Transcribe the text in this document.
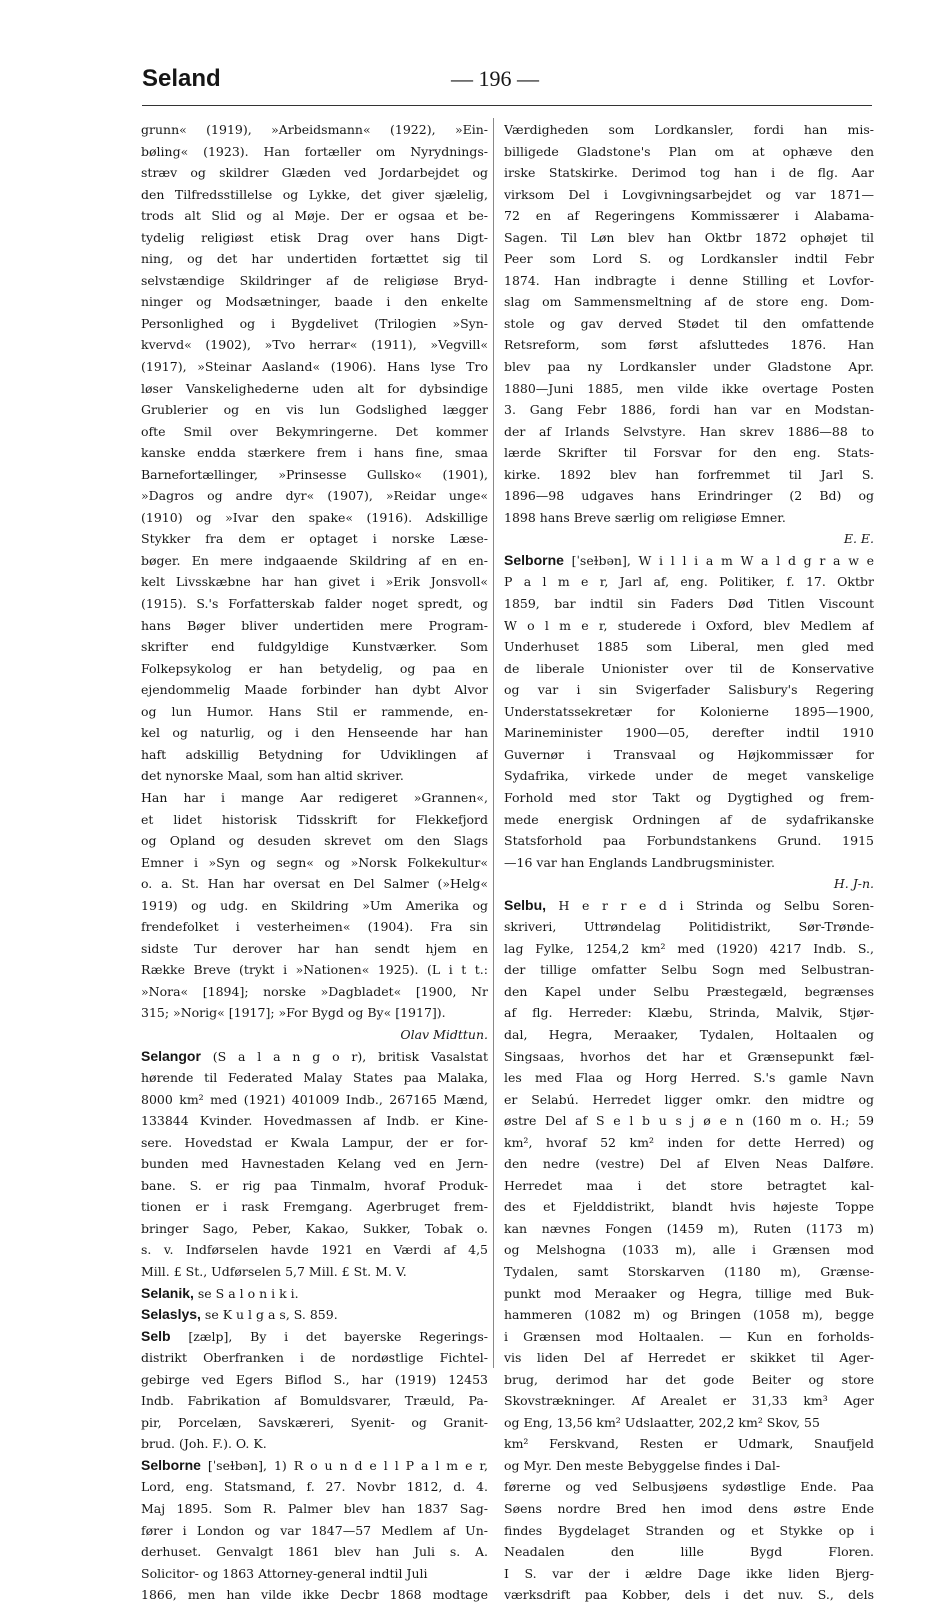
Seland	— 196 —
grunn« (1919), »Arbeidsmann« (1922), »Ein-
bøling« (1923). Han fortæller om Nyrydnings-
stræv og skildrer Glæden ved Jordarbejdet og
den Tilfredsstillelse og Lykke, det giver sjælelig,
trods alt Slid og al Møje. Der er ogsaa et be-
tydelig religiøst etisk Drag over hans Digt-
ning, og det har undertiden fortættet sig til
selvstændige Skildringer af de religiøse Bryd-
ninger og Modsætninger, baade i den enkelte
Personlighed og i Bygdelivet (Trilogien »Syn-
kvervd« (1902), »Tvo herrar« (1911), »Vegvill«
(1917), »Steinar Aasland« (1906). Hans lyse Tro
løser Vanskelighederne uden alt for dybsindige
Grublerier og en vis lun Godslighed lægger
ofte Smil over Bekymringerne. Det kommer
kanske endda stærkere frem i hans fine, smaa
Barnefortællinger, »Prinsesse Gullsko« (1901),
»Dagros og andre dyr« (1907), »Reidar unge«
(1910) og »Ivar den spake« (1916). Adskillige
Stykker fra dem er optaget i norske Læse-
bøger. En mere indgaaende Skildring af en en-
kelt Livsskæbne har han givet i »Erik Jonsvoll«
(1915). S.'s Forfatterskab falder noget spredt, og
hans Bøger bliver undertiden mere Program-
skrifter end fuldgyldige Kunstværker. Som
Folkepsykolog er han betydelig, og paa en
ejendommelig Maade forbinder han dybt Alvor
og lun Humor. Hans Stil er rammende, en-
kel og naturlig, og i den Henseende har han
haft adskillig Betydning for Udviklingen af
det nynorske Maal, som han altid skriver.
Han har i mange Aar redigeret »Grannen«,
et lidet historisk Tidsskrift for Flekkefjord
og Opland og desuden skrevet om den Slags
Emner i »Syn og segn« og »Norsk Folkekultur«
o. a. St. Han har oversat en Del Salmer (»Helg«
1919) og udg. en Skildring »Um Amerika og
frendefolket i vesterheimen« (1904). Fra sin
sidste Tur derover har han sendt hjem en
Række Breve (trykt i »Nationen« 1925). (L i t t.:
»Nora« [1894]; norske »Dagbladet« [1900, Nr
315; »Norig« [1917]; »For Bygd og By« [1917]).
Olav Midttun.
Selangor (S a l a n g o r), britisk Vasalstat
hørende til Federated Malay States paa Malaka,
8000 km² med (1921) 401009 Indb., 267165 Mænd,
133844 Kvinder. Hovedmassen af Indb. er Kine-
sere. Hovedstad er Kwala Lampur, der er for-
bunden med Havnestaden Kelang ved en Jern-
bane. S. er rig paa Tinmalm, hvoraf Produk-
tionen er i rask Fremgang. Agerbruget frem-
bringer Sago, Peber, Kakao, Sukker, Tobak o.
s. v. Indførselen havde 1921 en Værdi af 4,5
Mill. £ St., Udførselen 5,7 Mill. £ St. M. V.
Selanik, se S a l o n i k i.
Selaslys, se K u l g a s, S. 859.
Selb [zælp], By i det bayerske Regerings-
distrikt Oberfranken i de nordøstlige Fichtel-
gebirge ved Egers Biflod S., har (1919) 12453
Indb. Fabrikation af Bomuldsvarer, Træuld, Pa-
pir, Porcelæn, Savskæreri, Syenit- og Granit-
brud. (Joh. F.). O. K.
Selborne [ˈseɫbən], 1) R o u n d e l l P a l m e r,
Lord, eng. Statsmand, f. 27. Novbr 1812, d. 4.
Maj 1895. Som R. Palmer blev han 1837 Sag-
fører i London og var 1847—57 Medlem af Un-
derhuset. Genvalgt 1861 blev han Juli s. A.
Solicitor- og 1863 Attorney-general indtil Juli
1866, men han vilde ikke Decbr 1868 modtage
Værdigheden som Lordkansler, fordi han mis-
billigede Gladstone's Plan om at ophæve den
irske Statskirke. Derimod tog han i de flg. Aar
virksom Del i Lovgivningsarbejdet og var 1871—
72 en af Regeringens Kommissærer i Alabama-
Sagen. Til Løn blev han Oktbr 1872 ophøjet til
Peer som Lord S. og Lordkansler indtil Febr
1874. Han indbragte i denne Stilling et Lovfor-
slag om Sammensmeltning af de store eng. Dom-
stole og gav derved Stødet til den omfattende
Retsreform, som først afsluttedes 1876. Han
blev paa ny Lordkansler under Gladstone Apr.
1880—Juni 1885, men vilde ikke overtage Posten
3. Gang Febr 1886, fordi han var en Modstan-
der af Irlands Selvstyre. Han skrev 1886—88 to
lærde Skrifter til Forsvar for den eng. Stats-
kirke. 1892 blev han forfremmet til Jarl S.
1896—98 udgaves hans Erindringer (2 Bd) og
1898 hans Breve særlig om religiøse Emner.
E. E.
Selborne [ˈseɫbən], W i l l i a m W a l d g r a w e
P a l m e r, Jarl af, eng. Politiker, f. 17. Oktbr
1859, bar indtil sin Faders Død Titlen Viscount
W o l m e r, studerede i Oxford, blev Medlem af
Underhuset 1885 som Liberal, men gled med
de liberale Unionister over til de Konservative
og var i sin Svigerfader Salisbury's Regering
Understatssekretær for Kolonierne 1895—1900,
Marineminister 1900—05, derefter indtil 1910
Guvernør i Transvaal og Højkommissær for
Sydafrika, virkede under de meget vanskelige
Forhold med stor Takt og Dygtighed og frem-
mede energisk Ordningen af de sydafrikanske
Statsforhold paa Forbundstankens Grund. 1915
—16 var han Englands Landbrugsminister.
H. J-n.
Selbu, H e r r e d i Strinda og Selbu Soren-
skriveri, Uttrøndelag Politidistrikt, Sør-Trønde-
lag Fylke, 1254,2 km² med (1920) 4217 Indb. S.,
der tillige omfatter Selbu Sogn med Selbustran-
den Kapel under Selbu Præstegæld, begrænses
af flg. Herreder: Klæbu, Strinda, Malvik, Stjør-
dal, Hegra, Meraaker, Tydalen, Holtaalen og
Singsaas, hvorhos det har et Grænsepunkt fæl-
les med Flaa og Horg Herred. S.'s gamle Navn
er Selabú. Herredet ligger omkr. den midtre og
østre Del af S e l b u s j ø e n (160 m o. H.; 59
km², hvoraf 52 km² inden for dette Herred) og
den nedre (vestre) Del af Elven Neas Dalføre.
Herredet maa i det store betragtet kal-
des et Fjelddistrikt, blandt hvis højeste Toppe
kan nævnes Fongen (1459 m), Ruten (1173 m)
og Melshogna (1033 m), alle i Grænsen mod
Tydalen, samt Storskarven (1180 m), Grænse-
punkt mod Meraaker og Hegra, tillige med Buk-
hammeren (1082 m) og Bringen (1058 m), begge
i Grænsen mod Holtaalen. — Kun en forholds-
vis liden Del af Herredet er skikket til Ager-
brug, derimod har det gode Beiter og store
Skovstrækninger. Af Arealet er 31,33 km³ Ager
og Eng, 13,56 km² Udslaatter, 202,2 km² Skov, 55
km² Ferskvand, Resten er Udmark, Snaufjeld
og Myr. Den meste Bebyggelse findes i Dal-
førerne og ved Selbusjøens sydøstlige Ende. Paa
Søens nordre Bred hen imod dens østre Ende
findes Bygdelaget Stranden og et Stykke op i
Neadalen den lille Bygd Floren.
I S. var der i ældre Dage ikke liden Bjerg-
værksdrift paa Kobber, dels i det nuv. S., dels
